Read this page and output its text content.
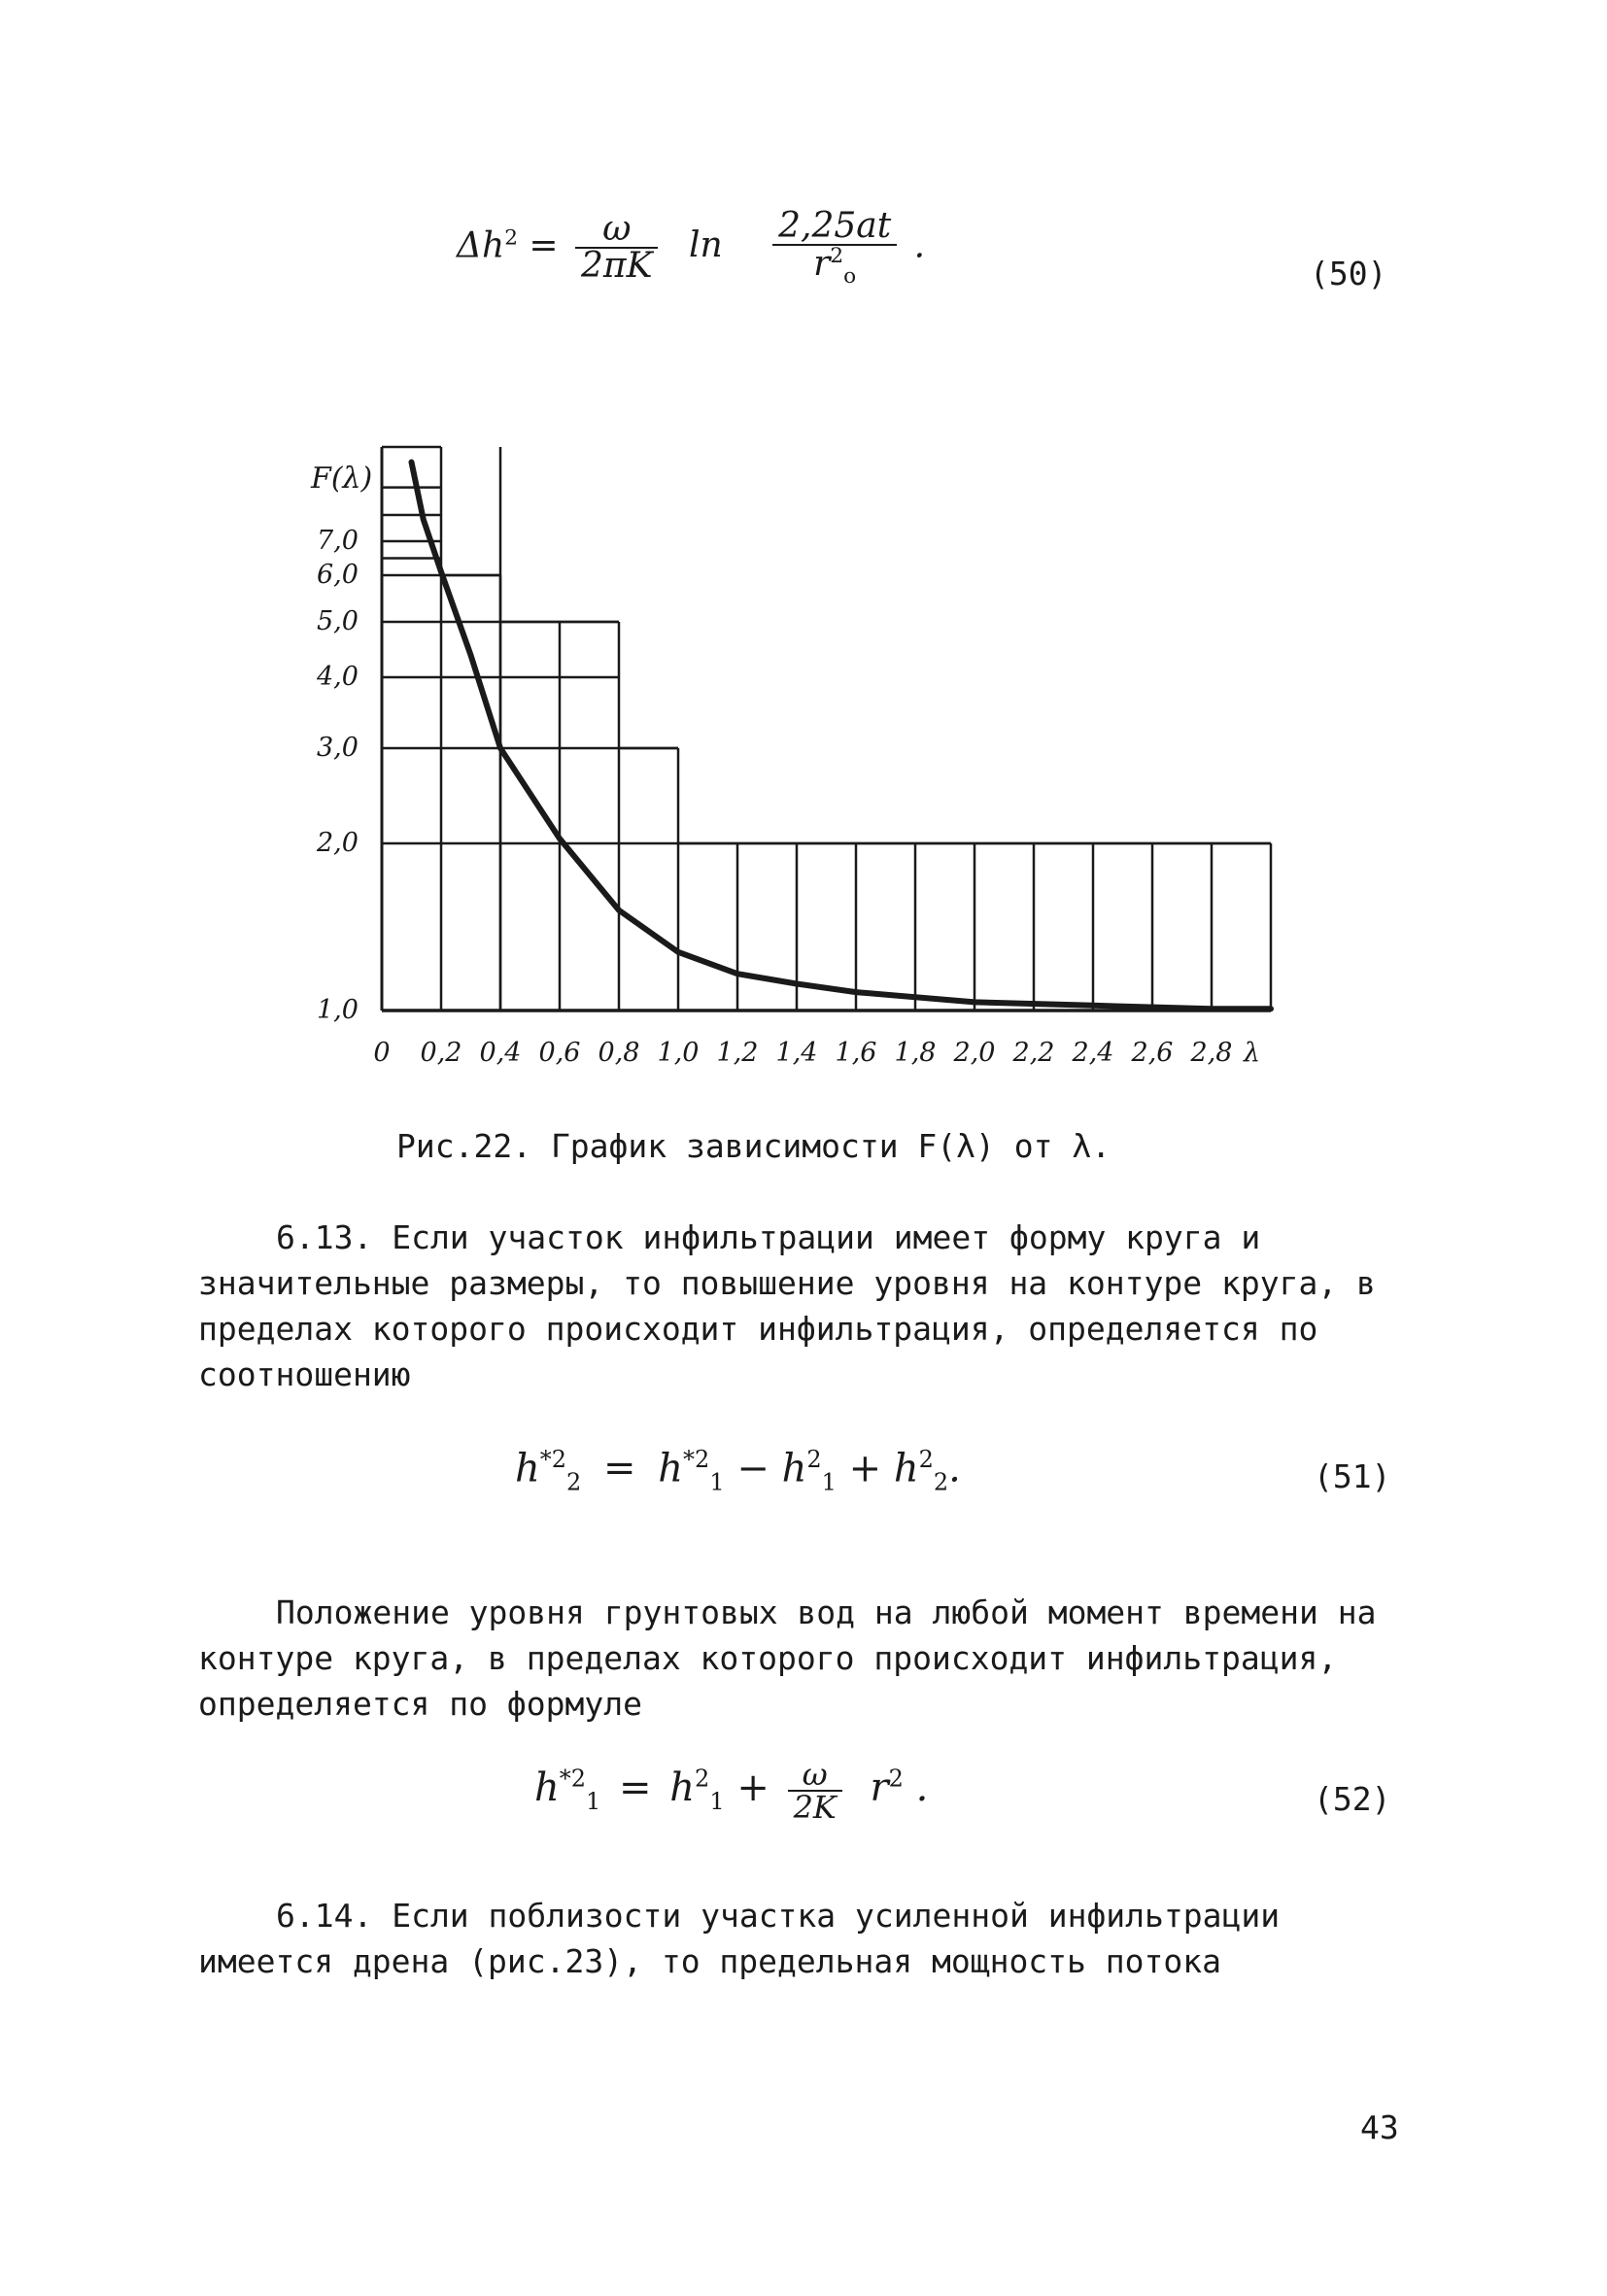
$\Delta h^2 = \frac{\omega}{2\pi K}$ $\ln \frac{2,25at}{r^2_o}$ .
(50)
1,0
2,0
3,0
4,0
5,0
6,0
7,0
0 0,2 0,4 0,6 0,8 1,0 1,2 1,4 1,6 1,8 2,0 2,2 2,4 2,6 2,8
F(λ)
λ
Рис.22. График зависимости F(λ) от λ.

6.13. Если участок инфильтрации имеет форму круга и значительные размеры, то повышение уровня на контуре круга, в пределах которого происходит инфильтрация, определяется по соотношению

$h^{*2}_2 = h^{*2}_1 - h^2_1 + h^2_2$.	(51)

Положение уровня грунтовых вод на любой момент времени на контуре круга, в пределах которого происходит инфильтрация, определяется по формуле

$h^{*2}_1 = h^2_1 + \frac{\omega}{2K} r^2$ .	(52)

6.14. Если поблизости участка усиленной инфильтрации имеется дрена (рис.23), то предельная мощность потока

43
